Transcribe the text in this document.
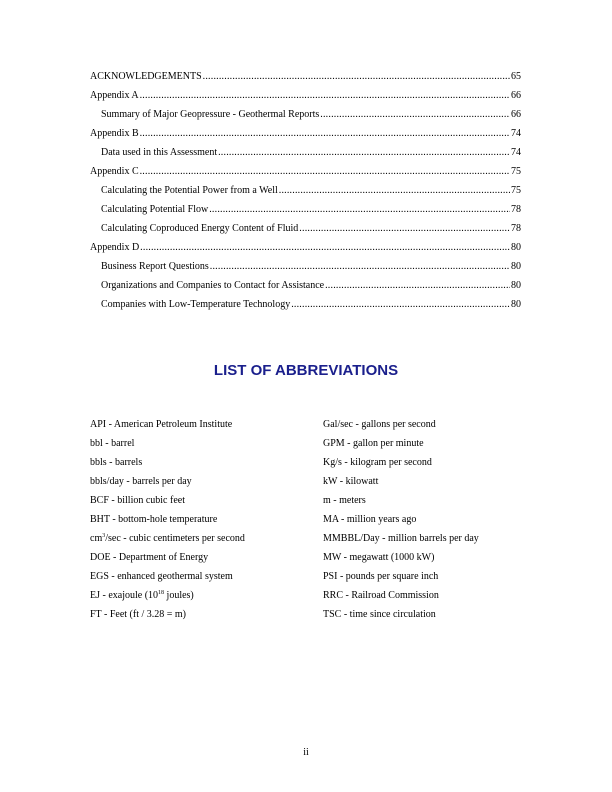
ACKNOWLEDGEMENTS .....	65
Appendix A .....	66
Summary of Major Geopressure - Geothermal Reports .....	66
Appendix B .....	74
Data used in this Assessment .....	74
Appendix C .....	75
Calculating the Potential Power from a Well .....	75
Calculating Potential Flow .....	78
Calculating Coproduced Energy Content of Fluid .....	78
Appendix D .....	80
Business Report Questions .....	80
Organizations and Companies to Contact for Assistance .....	80
Companies with Low-Temperature Technology .....	80
LIST OF ABBREVIATIONS
API - American Petroleum Institute
bbl - barrel
bbls - barrels
bbls/day - barrels per day
BCF - billion cubic feet
BHT - bottom-hole temperature
$cm^3/\sec$ - cubic centimeters per second
DOE - Department of Energy
EGS - enhanced geothermal system
EJ - exajoule ($10^{18}$ joules)
FT - Feet (ft / 3.28 = m)
Gal/sec - gallons per second
GPM - gallon per minute
Kg/s - kilogram per second
kW - kilowatt
m - meters
MA - million years ago
MMBBL/Day - million barrels per day
MW - megawatt (1000 kW)
PSI - pounds per square inch
RRC - Railroad Commission
TSC - time since circulation
ii
